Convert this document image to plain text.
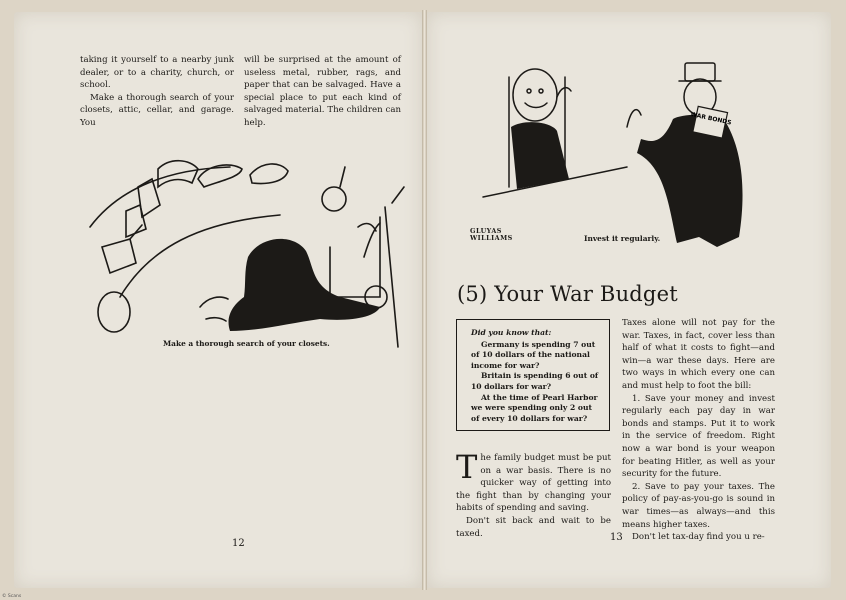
taking it yourself to a nearby junk dealer, or to a charity, church, or school.

Make a thorough search of your closets, attic, cellar, and garage. You

will be surprised at the amount of useless metal, rubber, rags, and paper that can be salvaged. Have a special place to put each kind of salvaged material. The children can help.

Make a thorough search of your closets.
12
WAR BONDS
GLUYAS WILLIAMS	Invest it regularly.
(5) Your War Budget
Did you know that:

Germany is spending 7 out of 10 dollars of the national income for war?

Britain is spending 6 out of 10 dollars for war?

At the time of Pearl Harbor we were spending only 2 out of every 10 dollars for war?

The family budget must be put on a war basis. There is no quicker way of getting into the fight than by changing your habits of spending and saving.

Don't sit back and wait to be taxed.

Taxes alone will not pay for the war. Taxes, in fact, cover less than half of what it costs to fight—and win—a war these days. Here are two ways in which every one can and must help to foot the bill:

1. Save your money and invest regularly each pay day in war bonds and stamps. Put it to work in the service of freedom. Right now a war bond is your weapon for beating Hitler, as well as your security for the future.

2. Save to pay your taxes. The policy of pay-as-you-go is sound in war times—as always—and this means higher taxes.

Don't let tax-day find you u re-

13
© Scans
